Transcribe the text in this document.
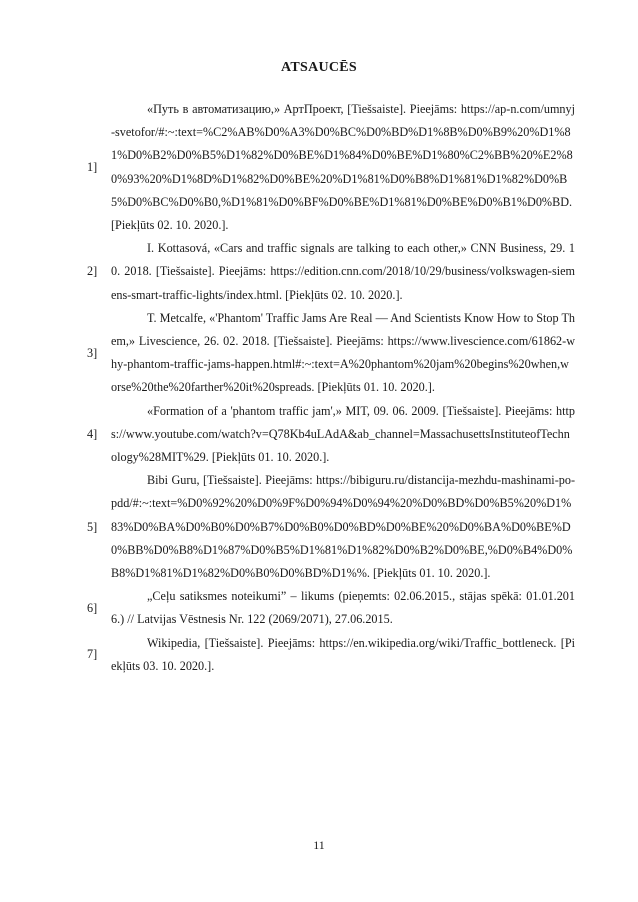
ATSAUCĒS
1]
«Путь в автоматизацию,» АртПроект, [Tiešsaiste]. Pieejāms: https://ap-n.com/umnyj-svetofor/#:~:text=%C2%AB%D0%A3%D0%BC%D0%BD%D1%8B%D0%B9%20%D1%81%D0%B2%D0%B5%D1%82%D0%BE%D1%84%D0%BE%D1%80%C2%BB%20%E2%80%93%20%D1%8D%D1%82%D0%BE%20%D1%81%D0%B8%D1%81%D1%82%D0%B5%D0%BC%D0%B0,%D1%81%D0%BF%D0%BE%D1%81%D0%BE%D0%B1%D0%BD. [Piekļūts 02. 10. 2020.].
2]
I. Kottasová, «Cars and traffic signals are talking to each other,» CNN Business, 29. 10. 2018. [Tiešsaiste]. Pieejāms: https://edition.cnn.com/2018/10/29/business/volkswagen-siemens-smart-traffic-lights/index.html. [Piekļūts 02. 10. 2020.].
3]
T. Metcalfe, «'Phantom' Traffic Jams Are Real — And Scientists Know How to Stop Them,» Livescience, 26. 02. 2018. [Tiešsaiste]. Pieejāms: https://www.livescience.com/61862-why-phantom-traffic-jams-happen.html#:~:text=A%20phantom%20jam%20begins%20when,worse%20the%20farther%20it%20spreads. [Piekļūts 01. 10. 2020.].
4]
«Formation of a 'phantom traffic jam',» MIT, 09. 06. 2009. [Tiešsaiste]. Pieejāms: https://www.youtube.com/watch?v=Q78Kb4uLAdA&ab_channel=MassachusettsInstituteofTechnology%28MIT%29. [Piekļūts 01. 10. 2020.].
5]
Bibi Guru, [Tiešsaiste]. Pieejāms: https://bibiguru.ru/distancija-mezhdu-mashinami-po-pdd/#:~:text=%D0%92%20%D0%9F%D0%94%D0%94%20%D0%BD%D0%B5%20%D1%83%D0%BA%D0%B0%D0%B7%D0%B0%D0%BD%D0%BE%20%D0%BA%D0%BE%D0%BB%D0%B8%D1%87%D0%B5%D1%81%D1%82%D0%B2%D0%BE,%D0%B4%D0%B8%D1%81%D1%82%D0%B0%D0%BD%D1%%. [Piekļūts 01. 10. 2020.].
6]
„Ceļu satiksmes noteikumi” – likums (pieņemts: 02.06.2015., stājas spēkā: 01.01.2016.) // Latvijas Vēstnesis Nr. 122 (2069/2071), 27.06.2015.
7]
Wikipedia, [Tiešsaiste]. Pieejāms: https://en.wikipedia.org/wiki/Traffic_bottleneck. [Piekļūts 03. 10. 2020.].
11
